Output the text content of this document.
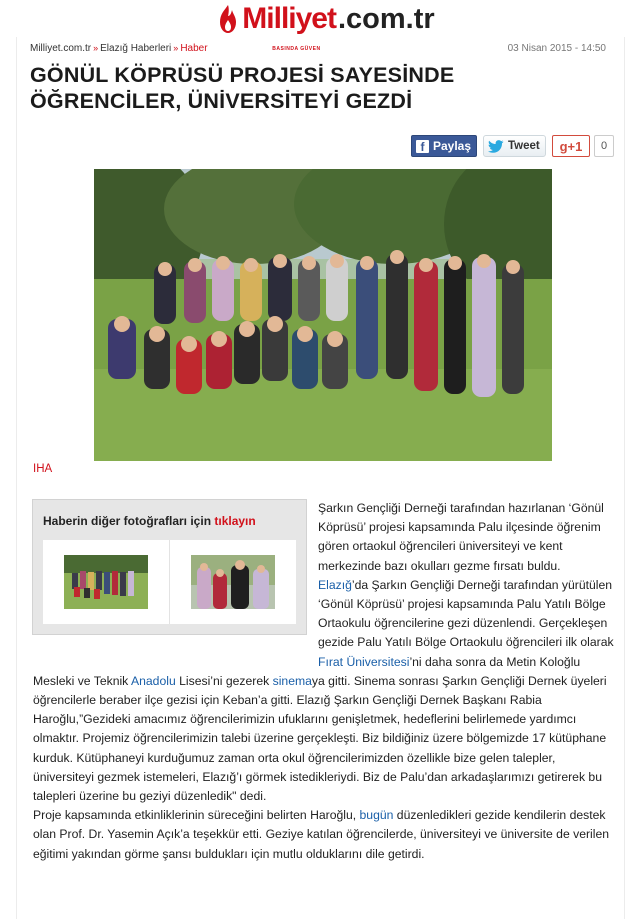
Milliyet
BASINDA GÜVEN
.com.tr
Milliyet.com.tr » Elazığ Haberleri » Haber	03 Nisan 2015 - 14:50
GÖNÜL KÖPRÜSÜ PROJESİ SAYESİNDE
ÖĞRENCİLER, ÜNİVERSİTEYİ GEZDİ
f Paylaş	Tweet	g+1	0
IHA
Haberin diğer fotoğrafları için tıklayın

Şarkın Gençliği Derneği tarafından hazırlanan ‘Gönül Köprüsü’ projesi kapsamında Palu ilçesinde öğrenim gören ortaokul öğrencileri üniversiteyi ve kent merkezinde bazı okulları gezme fırsatı buldu.

Elazığ’da Şarkın Gençliği Derneği tarafından yürütülen ‘Gönül Köprüsü’ projesi kapsamında Palu Yatılı Bölge Ortaokulu öğrencilerine gezi düzenlendi. Gerçekleşen gezide Palu Yatılı Bölge Ortaokulu öğrencileri ilk olarak Fırat Üniversitesi’ni daha sonra da Metin Koloğlu Mesleki ve Teknik Anadolu Lisesi’ni gezerek sinemaya gitti. Sinema sonrası Şarkın Gençliği Dernek üyeleri öğrencilerle beraber ilçe gezisi için Keban’a gitti. Elazığ Şarkın Gençliği Dernek Başkanı Rabia Haroğlu,”Gezideki amacımız öğrencilerimizin ufuklarını genişletmek, hedeflerini belirlemede yardımcı olmaktır. Projemiz öğrencilerimizin talebi üzerine gerçekleşti. Biz bildiğiniz üzere bölgemizde 17 kütüphane kurduk. Kütüphaneyi kurduğumuz zaman orta okul öğrencilerimizden özellikle bize gelen talepler, üniversiteyi gezmek istemeleri, Elazığ’ı görmek istedikleriydi. Biz de Palu’dan arkadaşlarımızı getirerek bu talepleri üzerine bu geziyi düzenledik" dedi.

Proje kapsamında etkinliklerinin süreceğini belirten Haroğlu, bugün düzenledikleri gezide kendilerin destek olan Prof. Dr. Yasemin Açık’a teşekkür etti. Geziye katılan öğrencilerde, üniversiteyi ve üniversite de verilen eğitimi yakından görme şansı buldukları için mutlu olduklarını dile getirdi.
